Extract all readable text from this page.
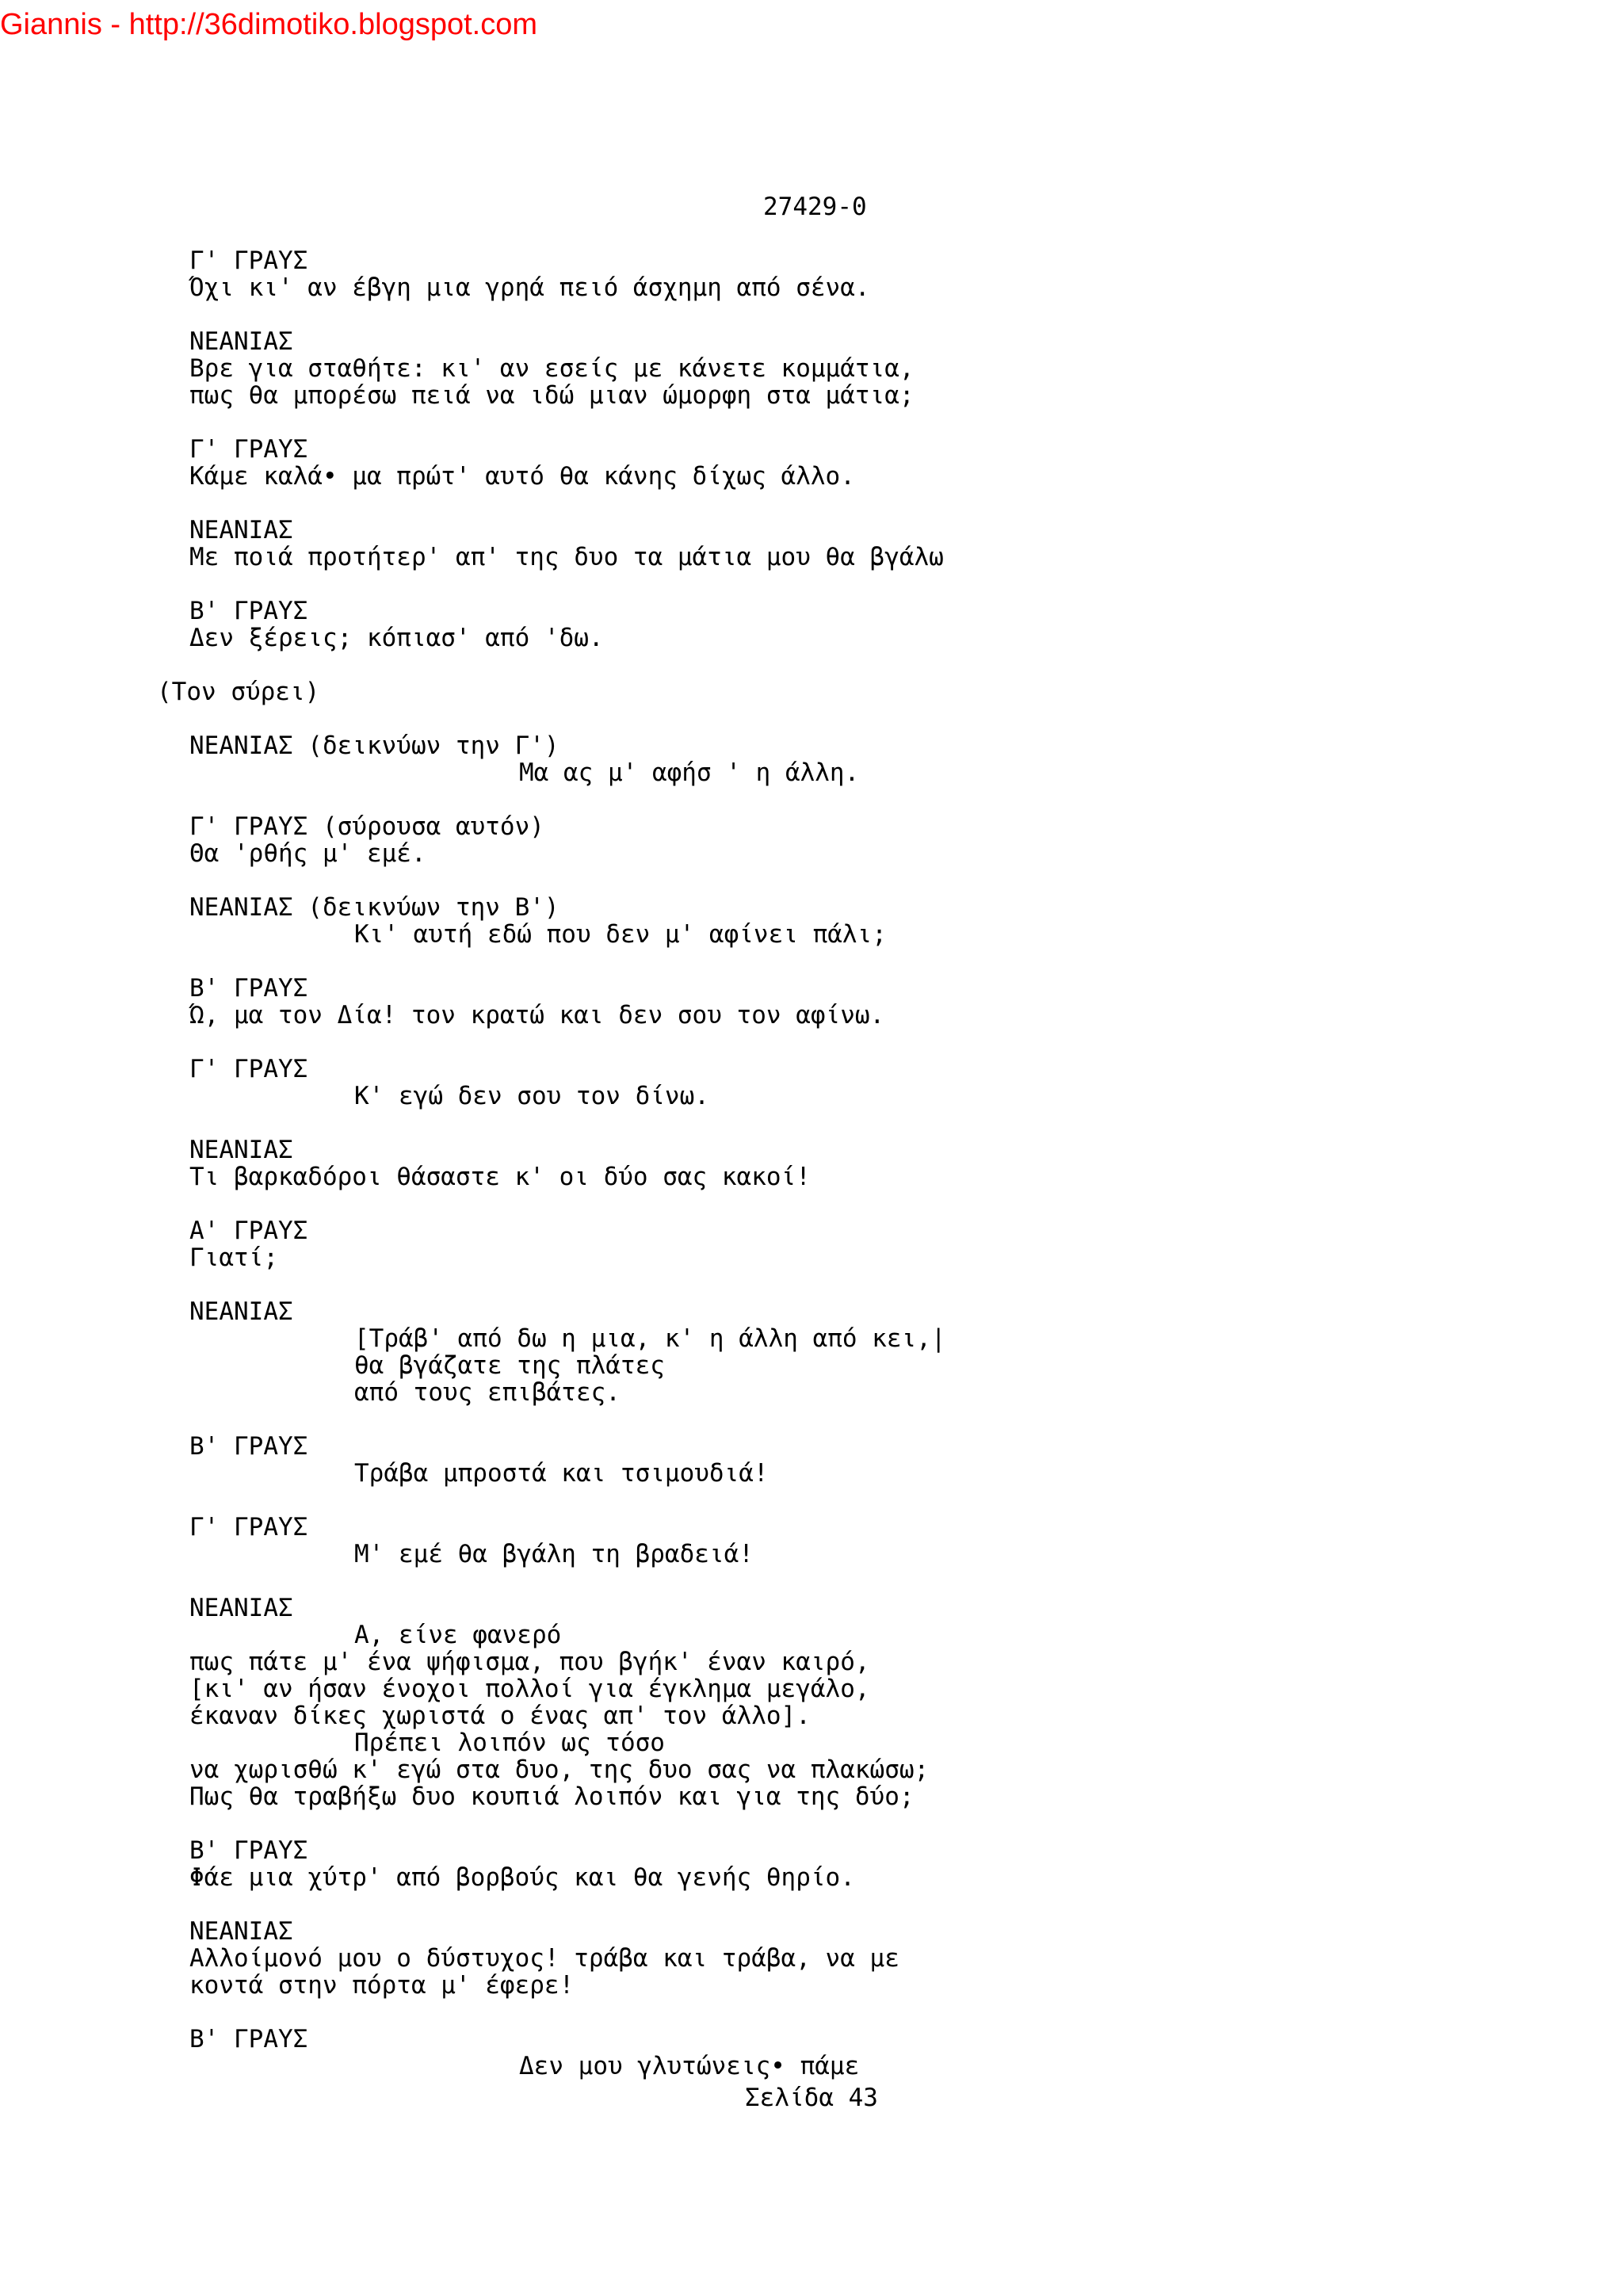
Giannis - http://36dimotiko.blogspot.com
27429-0
Γ' ΓΡΑΥΣ
Όχι κι' αν έβγη μια γρηά πειό άσχημη από σένα.
ΝΕΑΝΙΑΣ
Βρε για σταθήτε: κι' αν εσείς με κάνετε κομμάτια,
πως θα μπορέσω πειά να ιδώ μιαν ώμορφη στα μάτια;
Γ' ΓΡΑΥΣ
Κάμε καλά• μα πρώτ' αυτό θα κάνης δίχως άλλο.
ΝΕΑΝΙΑΣ
Με ποιά προτήτερ' απ' της δυο τα μάτια μου θα βγάλω
Β' ΓΡΑΥΣ
Δεν ξέρεις; κόπιασ' από 'δω.
(Τον σύρει)
ΝΕΑΝΙΑΣ (δεικνύων την Γ')
Μα ας μ' αφήσ ' η άλλη.
Γ' ΓΡΑΥΣ (σύρουσα αυτόν)
Θα 'ρθής μ' εμέ.
ΝΕΑΝΙΑΣ (δεικνύων την Β')
Κι' αυτή εδώ που δεν μ' αφίνει πάλι;
Β' ΓΡΑΥΣ
Ώ, μα τον Δία! τον κρατώ και δεν σου τον αφίνω.
Γ' ΓΡΑΥΣ
Κ' εγώ δεν σου τον δίνω.
ΝΕΑΝΙΑΣ
Τι βαρκαδόροι θάσαστε κ' οι δύο σας κακοί!
Α' ΓΡΑΥΣ
Γιατί;
ΝΕΑΝΙΑΣ
[Τράβ' από δω η μια, κ' η άλλη από κει,|
θα βγάζατε της πλάτες
από τους επιβάτες.
Β' ΓΡΑΥΣ
Τράβα μπροστά και τσιμουδιά!
Γ' ΓΡΑΥΣ
Μ' εμέ θα βγάλη τη βραδειά!
ΝΕΑΝΙΑΣ
Α, είνε φανερό
πως πάτε μ' ένα ψήφισμα, που βγήκ' έναν καιρό,
[κι' αν ήσαν ένοχοι πολλοί για έγκλημα μεγάλο,
έκαναν δίκες χωριστά ο ένας απ' τον άλλο].
Πρέπει λοιπόν ως τόσο
να χωρισθώ κ' εγώ στα δυο, της δυο σας να πλακώσω;
Πως θα τραβήξω δυο κουπιά λοιπόν και για της δύο;
Β' ΓΡΑΥΣ
Φάε μια χύτρ' από βορβούς και θα γενής θηρίο.
ΝΕΑΝΙΑΣ
Αλλοίμονό μου ο δύστυχος! τράβα και τράβα, να με
κοντά στην πόρτα μ' έφερε!
Β' ΓΡΑΥΣ
Δεν μου γλυτώνεις• πάμε
Σελίδα 43
